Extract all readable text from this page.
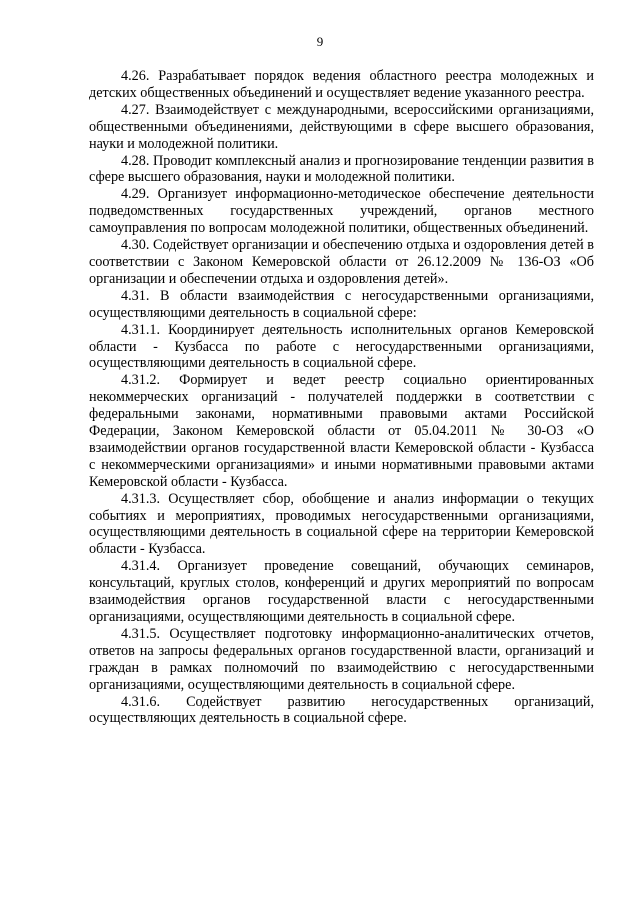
9

4.26. Разрабатывает порядок ведения областного реестра молодежных и детских общественных объединений и осуществляет ведение указанного реестра.

4.27. Взаимодействует с международными, всероссийскими организациями, общественными объединениями, действующими в сфере высшего образования, науки и молодежной политики.

4.28. Проводит комплексный анализ и прогнозирование тенденции развития в сфере высшего образования, науки и молодежной политики.

4.29. Организует информационно-методическое обеспечение деятельности подведомственных государственных учреждений, органов местного самоуправления по вопросам молодежной политики, общественных объединений.

4.30. Содействует организации и обеспечению отдыха и оздоровления детей в соответствии с Законом Кемеровской области от 26.12.2009 № 136-ОЗ «Об организации и обеспечении отдыха и оздоровления детей».

4.31. В области взаимодействия с негосударственными организациями, осуществляющими деятельность в социальной сфере:

4.31.1. Координирует деятельность исполнительных органов Кемеровской области - Кузбасса по работе с негосударственными организациями, осуществляющими деятельность в социальной сфере.

4.31.2. Формирует и ведет реестр социально ориентированных некоммерческих организаций - получателей поддержки в соответствии с федеральными законами, нормативными правовыми актами Российской Федерации, Законом Кемеровской области от 05.04.2011 № 30-ОЗ «О взаимодействии органов государственной власти Кемеровской области - Кузбасса с некоммерческими организациями» и иными нормативными правовыми актами Кемеровской области - Кузбасса.

4.31.3. Осуществляет сбор, обобщение и анализ информации о текущих событиях и мероприятиях, проводимых негосударственными организациями, осуществляющими деятельность в социальной сфере на территории Кемеровской области - Кузбасса.

4.31.4. Организует проведение совещаний, обучающих семинаров, консультаций, круглых столов, конференций и других мероприятий по вопросам взаимодействия органов государственной власти с негосударственными организациями, осуществляющими деятельность в социальной сфере.

4.31.5. Осуществляет подготовку информационно-аналитических отчетов, ответов на запросы федеральных органов государственной власти, организаций и граждан в рамках полномочий по взаимодействию с негосударственными организациями, осуществляющими деятельность в социальной сфере.

4.31.6. Содействует развитию негосударственных организаций, осуществляющих деятельность в социальной сфере.
